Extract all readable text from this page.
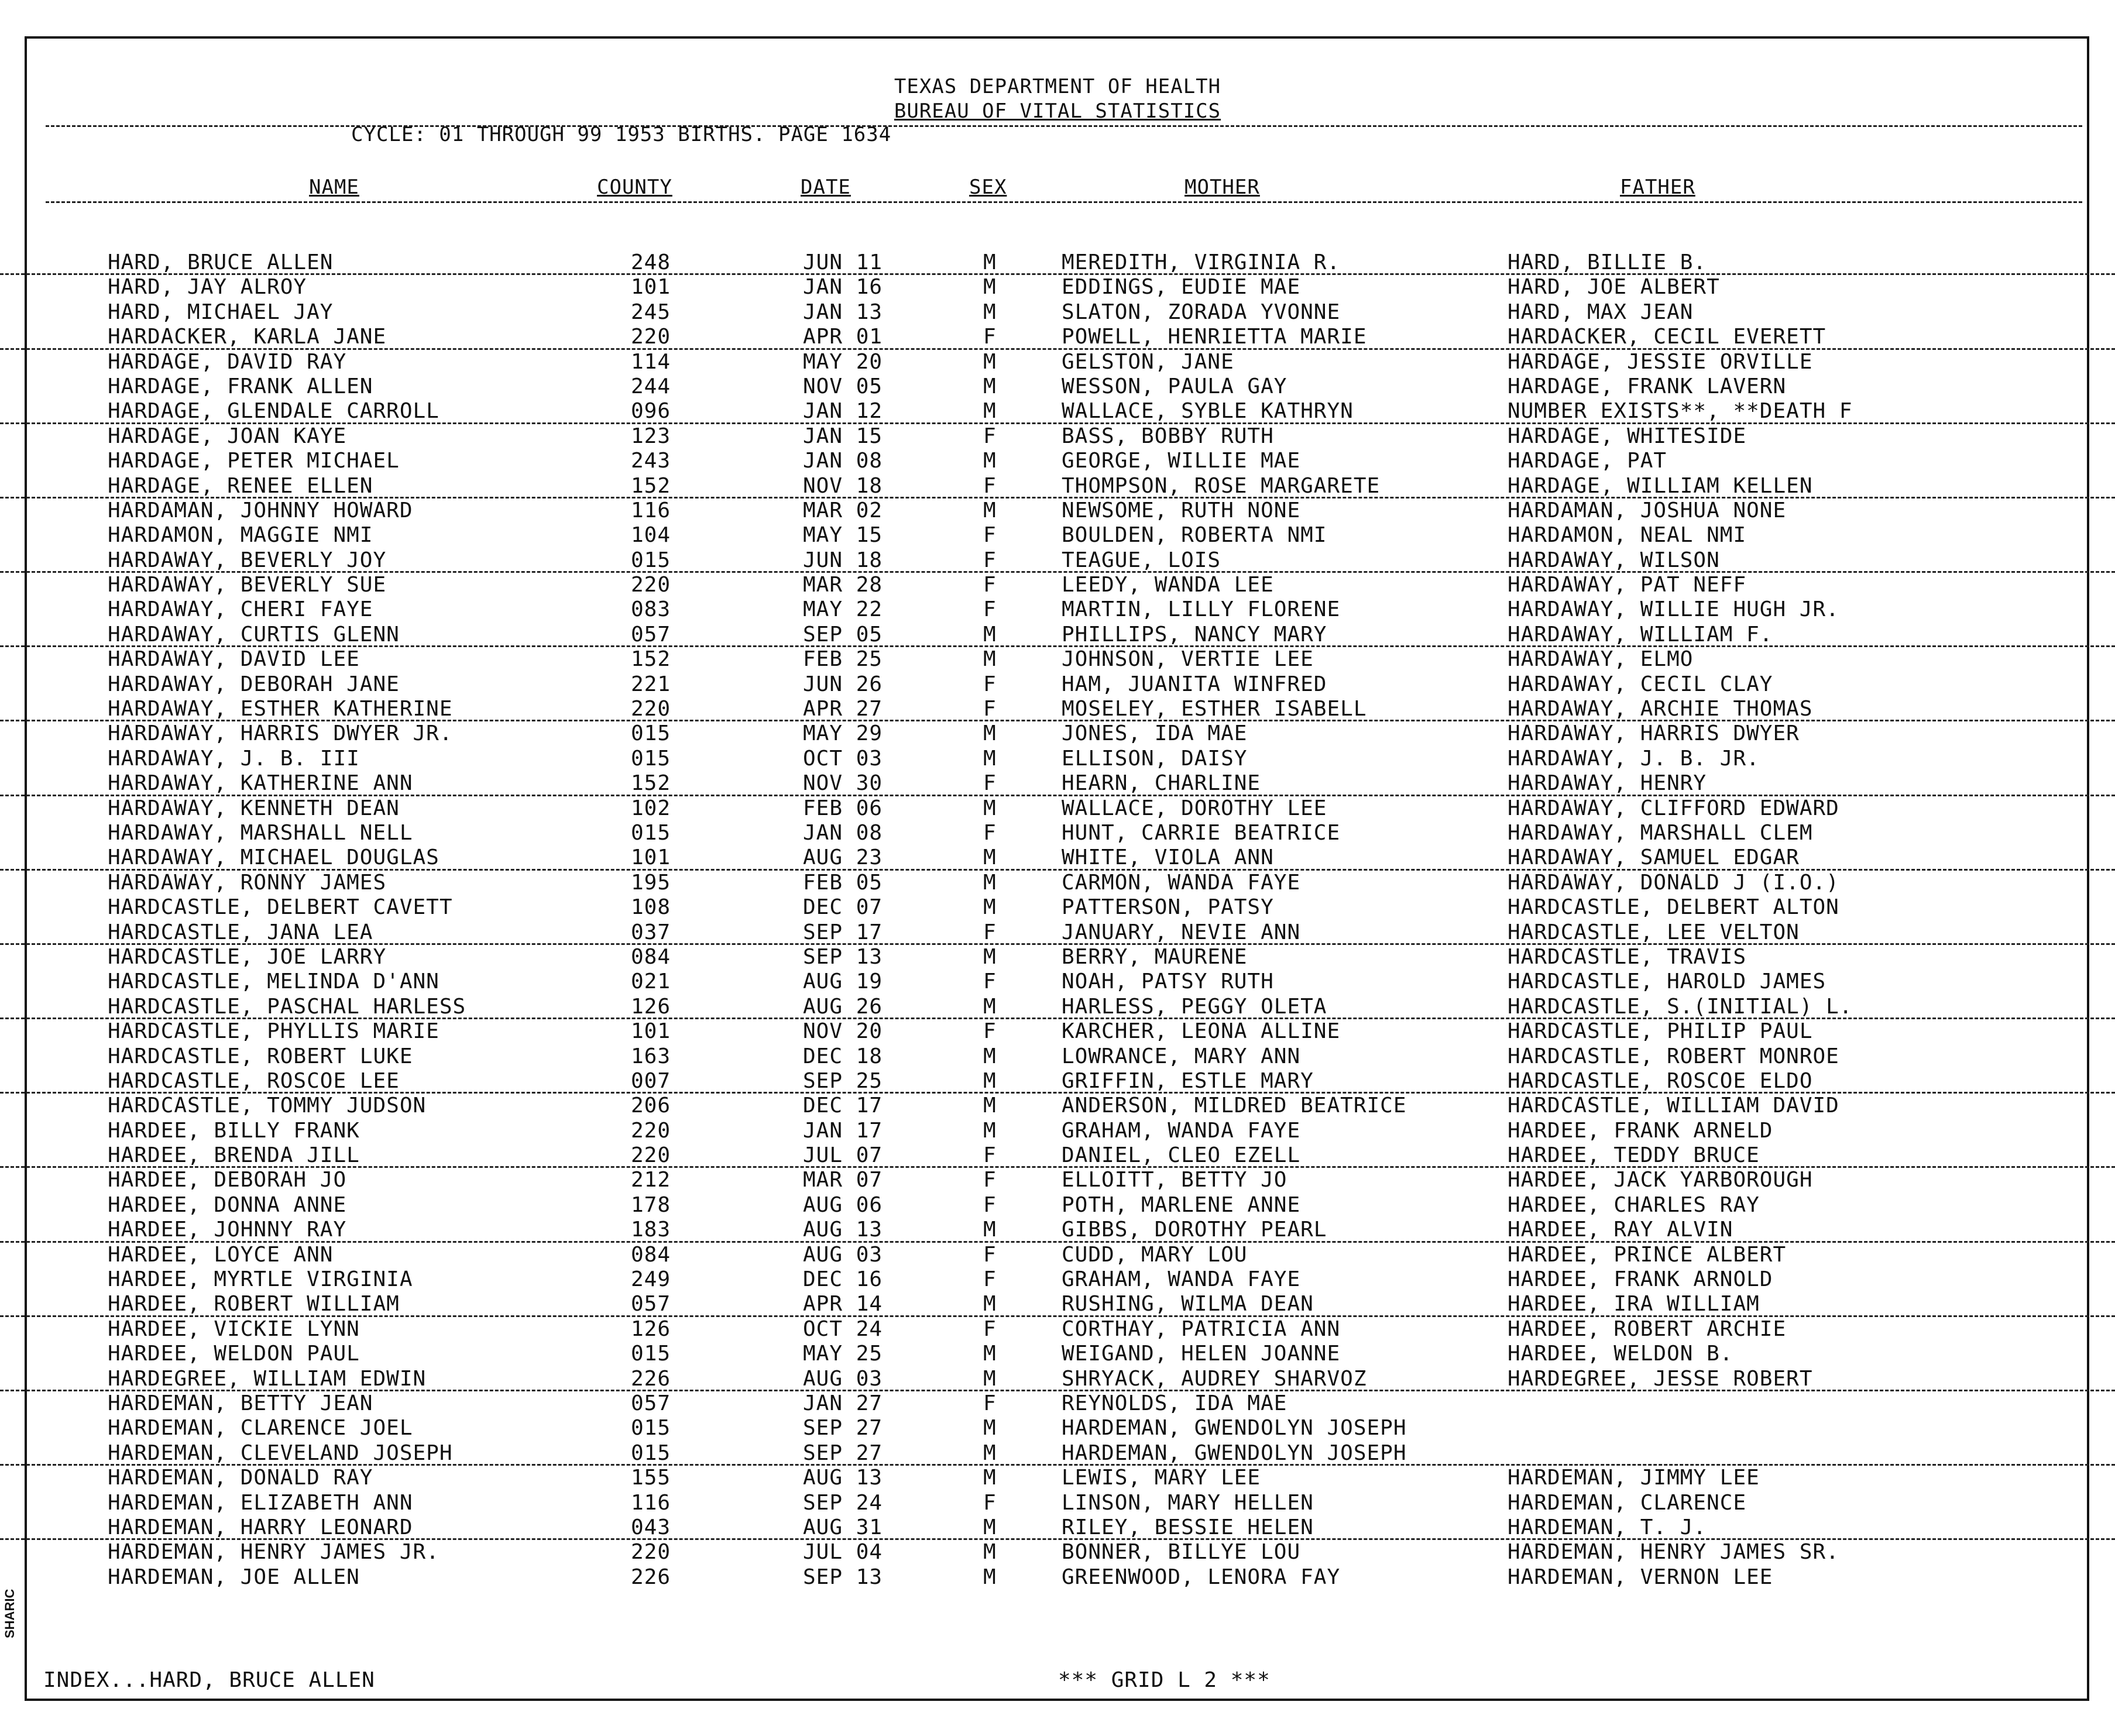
TEXAS DEPARTMENT OF HEALTH
BUREAU OF VITAL STATISTICS
CYCLE: 01 THROUGH 99 1953 BIRTHS. PAGE 1634
NAME	COUNTY	DATE	SEX	MOTHER	FATHER
HARD, BRUCE ALLEN	248	JUN 11	M	MEREDITH, VIRGINIA R.	HARD, BILLIE B.
HARD, JAY ALROY	101	JAN 16	M	EDDINGS, EUDIE MAE	HARD, JOE ALBERT
HARD, MICHAEL JAY	245	JAN 13	M	SLATON, ZORADA YVONNE	HARD, MAX JEAN
HARDACKER, KARLA JANE	220	APR 01	F	POWELL, HENRIETTA MARIE	HARDACKER, CECIL EVERETT
HARDAGE, DAVID RAY	114	MAY 20	M	GELSTON, JANE	HARDAGE, JESSIE ORVILLE
HARDAGE, FRANK ALLEN	244	NOV 05	M	WESSON, PAULA GAY	HARDAGE, FRANK LAVERN
HARDAGE, GLENDALE CARROLL	096	JAN 12	M	WALLACE, SYBLE KATHRYN	NUMBER EXISTS**, **DEATH F
HARDAGE, JOAN KAYE	123	JAN 15	F	BASS, BOBBY RUTH	HARDAGE, WHITESIDE
HARDAGE, PETER MICHAEL	243	JAN 08	M	GEORGE, WILLIE MAE	HARDAGE, PAT
HARDAGE, RENEE ELLEN	152	NOV 18	F	THOMPSON, ROSE MARGARETE	HARDAGE, WILLIAM KELLEN
HARDAMAN, JOHNNY HOWARD	116	MAR 02	M	NEWSOME, RUTH NONE	HARDAMAN, JOSHUA NONE
HARDAMON, MAGGIE NMI	104	MAY 15	F	BOULDEN, ROBERTA NMI	HARDAMON, NEAL NMI
HARDAWAY, BEVERLY JOY	015	JUN 18	F	TEAGUE, LOIS	HARDAWAY, WILSON
HARDAWAY, BEVERLY SUE	220	MAR 28	F	LEEDY, WANDA LEE	HARDAWAY, PAT NEFF
HARDAWAY, CHERI FAYE	083	MAY 22	F	MARTIN, LILLY FLORENE	HARDAWAY, WILLIE HUGH JR.
HARDAWAY, CURTIS GLENN	057	SEP 05	M	PHILLIPS, NANCY MARY	HARDAWAY, WILLIAM F.
HARDAWAY, DAVID LEE	152	FEB 25	M	JOHNSON, VERTIE LEE	HARDAWAY, ELMO
HARDAWAY, DEBORAH JANE	221	JUN 26	F	HAM, JUANITA WINFRED	HARDAWAY, CECIL CLAY
HARDAWAY, ESTHER KATHERINE	220	APR 27	F	MOSELEY, ESTHER ISABELL	HARDAWAY, ARCHIE THOMAS
HARDAWAY, HARRIS DWYER JR.	015	MAY 29	M	JONES, IDA MAE	HARDAWAY, HARRIS DWYER
HARDAWAY, J. B. III	015	OCT 03	M	ELLISON, DAISY	HARDAWAY, J. B. JR.
HARDAWAY, KATHERINE ANN	152	NOV 30	F	HEARN, CHARLINE	HARDAWAY, HENRY
HARDAWAY, KENNETH DEAN	102	FEB 06	M	WALLACE, DOROTHY LEE	HARDAWAY, CLIFFORD EDWARD
HARDAWAY, MARSHALL NELL	015	JAN 08	F	HUNT, CARRIE BEATRICE	HARDAWAY, MARSHALL CLEM
HARDAWAY, MICHAEL DOUGLAS	101	AUG 23	M	WHITE, VIOLA ANN	HARDAWAY, SAMUEL EDGAR
HARDAWAY, RONNY JAMES	195	FEB 05	M	CARMON, WANDA FAYE	HARDAWAY, DONALD J (I.O.)
HARDCASTLE, DELBERT CAVETT	108	DEC 07	M	PATTERSON, PATSY	HARDCASTLE, DELBERT ALTON
HARDCASTLE, JANA LEA	037	SEP 17	F	JANUARY, NEVIE ANN	HARDCASTLE, LEE VELTON
HARDCASTLE, JOE LARRY	084	SEP 13	M	BERRY, MAURENE	HARDCASTLE, TRAVIS
HARDCASTLE, MELINDA D'ANN	021	AUG 19	F	NOAH, PATSY RUTH	HARDCASTLE, HAROLD JAMES
HARDCASTLE, PASCHAL HARLESS	126	AUG 26	M	HARLESS, PEGGY OLETA	HARDCASTLE, S.(INITIAL) L.
HARDCASTLE, PHYLLIS MARIE	101	NOV 20	F	KARCHER, LEONA ALLINE	HARDCASTLE, PHILIP PAUL
HARDCASTLE, ROBERT LUKE	163	DEC 18	M	LOWRANCE, MARY ANN	HARDCASTLE, ROBERT MONROE
HARDCASTLE, ROSCOE LEE	007	SEP 25	M	GRIFFIN, ESTLE MARY	HARDCASTLE, ROSCOE ELDO
HARDCASTLE, TOMMY JUDSON	206	DEC 17	M	ANDERSON, MILDRED BEATRICE	HARDCASTLE, WILLIAM DAVID
HARDEE, BILLY FRANK	220	JAN 17	M	GRAHAM, WANDA FAYE	HARDEE, FRANK ARNELD
HARDEE, BRENDA JILL	220	JUL 07	F	DANIEL, CLEO EZELL	HARDEE, TEDDY BRUCE
HARDEE, DEBORAH JO	212	MAR 07	F	ELLOITT, BETTY JO	HARDEE, JACK YARBOROUGH
HARDEE, DONNA ANNE	178	AUG 06	F	POTH, MARLENE ANNE	HARDEE, CHARLES RAY
HARDEE, JOHNNY RAY	183	AUG 13	M	GIBBS, DOROTHY PEARL	HARDEE, RAY ALVIN
HARDEE, LOYCE ANN	084	AUG 03	F	CUDD, MARY LOU	HARDEE, PRINCE ALBERT
HARDEE, MYRTLE VIRGINIA	249	DEC 16	F	GRAHAM, WANDA FAYE	HARDEE, FRANK ARNOLD
HARDEE, ROBERT WILLIAM	057	APR 14	M	RUSHING, WILMA DEAN	HARDEE, IRA WILLIAM
HARDEE, VICKIE LYNN	126	OCT 24	F	CORTHAY, PATRICIA ANN	HARDEE, ROBERT ARCHIE
HARDEE, WELDON PAUL	015	MAY 25	M	WEIGAND, HELEN JOANNE	HARDEE, WELDON B.
HARDEGREE, WILLIAM EDWIN	226	AUG 03	M	SHRYACK, AUDREY SHARVOZ	HARDEGREE, JESSE ROBERT
HARDEMAN, BETTY JEAN	057	JAN 27	F	REYNOLDS, IDA MAE
HARDEMAN, CLARENCE JOEL	015	SEP 27	M	HARDEMAN, GWENDOLYN JOSEPH
HARDEMAN, CLEVELAND JOSEPH	015	SEP 27	M	HARDEMAN, GWENDOLYN JOSEPH
HARDEMAN, DONALD RAY	155	AUG 13	M	LEWIS, MARY LEE	HARDEMAN, JIMMY LEE
HARDEMAN, ELIZABETH ANN	116	SEP 24	F	LINSON, MARY HELLEN	HARDEMAN, CLARENCE
HARDEMAN, HARRY LEONARD	043	AUG 31	M	RILEY, BESSIE HELEN	HARDEMAN, T. J.
HARDEMAN, HENRY JAMES JR.	220	JUL 04	M	BONNER, BILLYE LOU	HARDEMAN, HENRY JAMES SR.
HARDEMAN, JOE ALLEN	226	SEP 13	M	GREENWOOD, LENORA FAY	HARDEMAN, VERNON LEE
INDEX...HARD, BRUCE ALLEN	*** GRID L 2 ***
SHARIC
